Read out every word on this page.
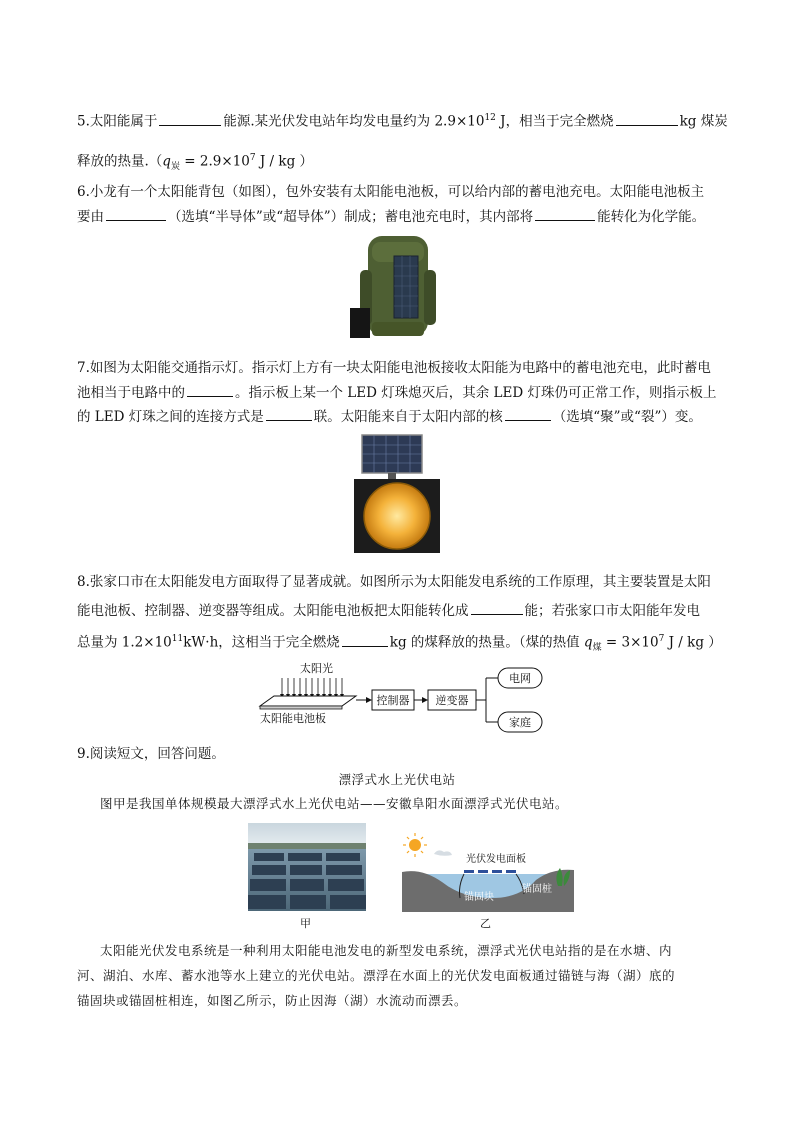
5.太阳能属于	能源.某光伏发电站年均发电量约为 $2.9\times 10^{12}$ J，相当于完全燃烧	kg 煤炭
释放的热量$.(q_炭 = 2.9\times 10^7$ J / kg ）
6.小龙有一个太阳能背包（如图），包外安装有太阳能电池板，可以给内部的蓄电池充电。太阳能电池板主
要由	（选填“半导体”或“超导体”）制成；蓄电池充电时，其内部将	能转化为化学能。
7.如图为太阳能交通指示灯。指示灯上方有一块太阳能电池板接收太阳能为电路中的蓄电池充电，此时蓄电
池相当于电路中的	。指示板上某一个 LED 灯珠熄灭后，其余 LED 灯珠仍可正常工作，则指示板上
的 LED 灯珠之间的连接方式是	联。太阳能来自于太阳内部的核	（选填“聚”或“裂”）变。
8.张家口市在太阳能发电方面取得了显著成就。如图所示为太阳能发电系统的工作原理，其主要装置是太阳
能电池板、控制器、逆变器等组成。太阳能电池板把太阳能转化成	能；若张家口市太阳能年发电
总量为 $1.2\times 10^{11}kW\cdot h$，这相当于完全燃烧	kg 的煤释放的热量。（煤的热值 $q_煤 = 3\times 10^7$ J / kg ）
太阳光
太阳能电池板
控制器 逆变器
电网
家庭
9.阅读短文，回答问题。
漂浮式水上光伏电站
图甲是我国单体规模最大漂浮式水上光伏电站——安徽阜阳水面漂浮式光伏电站。
甲
光伏发电面板
锚固块
锚固桩
乙
太阳能光伏发电系统是一种利用太阳能电池发电的新型发电系统，漂浮式光伏电站指的是在水塘、内
河、湖泊、水库、蓄水池等水上建立的光伏电站。漂浮在水面上的光伏发电面板通过锚链与海（湖）底的
锚固块或锚固桩相连，如图乙所示，防止因海（湖）水流动而漂丢。
